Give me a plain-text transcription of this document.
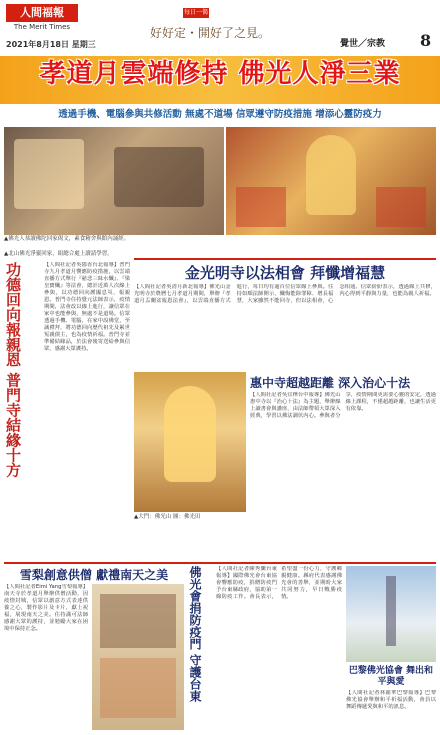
人間福報
The Merit Times
2021年8月18日 星期三
每日一偈
好好定・開好了之見。
覺世／宗教 8
孝道月雲端修持 佛光人淨三業
透過手機、電腦參與共修活動 無處不道場 信眾遵守防疫措施 增添心靈防疫力
▲佛光人恭讀佛陀回家偈文，素食精舍與館內誦經。
▲北山佛光淨靈回家，組總合處上讀請學習。
功德回向報親恩 普門寺結緣十方	【人間社記者吳隱香台北報導】普門寺九月孝道月響應防疫措施，以雲端直播方式舉行『慈悲三昧水懺』、『梁皇寶懺』等法會，總計近萬人次線上參與，以功德回向護國息災、報親恩。普門寺住持覺元法師表示，疫情期間，法會改以線上進行，讓信眾在家中也能參與，無處不是道場。信眾透過手機、電腦，在家中設佛堂，至誠禮拜，將功德回向歷代祖先及累世冤親債主，也為疫情祈福。普門寺並準備結緣品，於法會後寄送給參與信眾，感謝大眾護持。
金光明寺以法相會 拜懺增福慧
【人間社記者吳清月新北報導】佛光山金光明寺於農曆七月孝道月期間，舉辦『孝道月盂蘭盆報恩法會』，以雲端直播方式進行，每日均有逾百位信眾線上參與。住持如順法師開示，懺悔能除罪障、增長福慧，大家雖然不能回寺，但以法相會，心念相通。信眾紛紛表示，透過線上共修，內心得到平靜與力量，也能為親人祈福。
▲大門：佛光山 圖：佛光田
惠中寺超越距離 深入治心十法
【人間社記者吳宜樺台中報導】佛光山惠中寺以『治心十法』為主題，舉辦線上讀書會與講座，由法師帶領大眾深入經典，學習以佛法調伏內心。參與者分享，疫情期間更需要心靈的安定，透過線上課程，不僅超越距離，也讓生活更有依靠。
雪梨創意供僧 獻禮南天之美
【人間社記者Eimi Yang雪梨報導】南天寺於孝道月舉辦供僧活動，因疫情封城，信眾以創意方式表達供養之心，製作影片及卡片，獻上祝福，展現南天之美。住持滿可法師感謝大眾的護持，並勉勵大家在困境中保持正念。	佛光會捐防疫門 守護台東	【人間社記者陳秀蘭台東報導】國際佛光會台東協會響應防疫，捐贈防疫門予台東縣政府，協助第一線防疫工作。會長表示，希望盡一份心力，守護鄉親健康。縣府代表感謝佛光會的善舉，並期盼大家共同努力，早日戰勝疫情。
巴黎佛光協會 舞出和平與愛
【人間社記者林麗華巴黎報導】巴黎佛光協會舉辦和平祈福活動，會員以舞蹈傳遞愛與和平的訊息。
